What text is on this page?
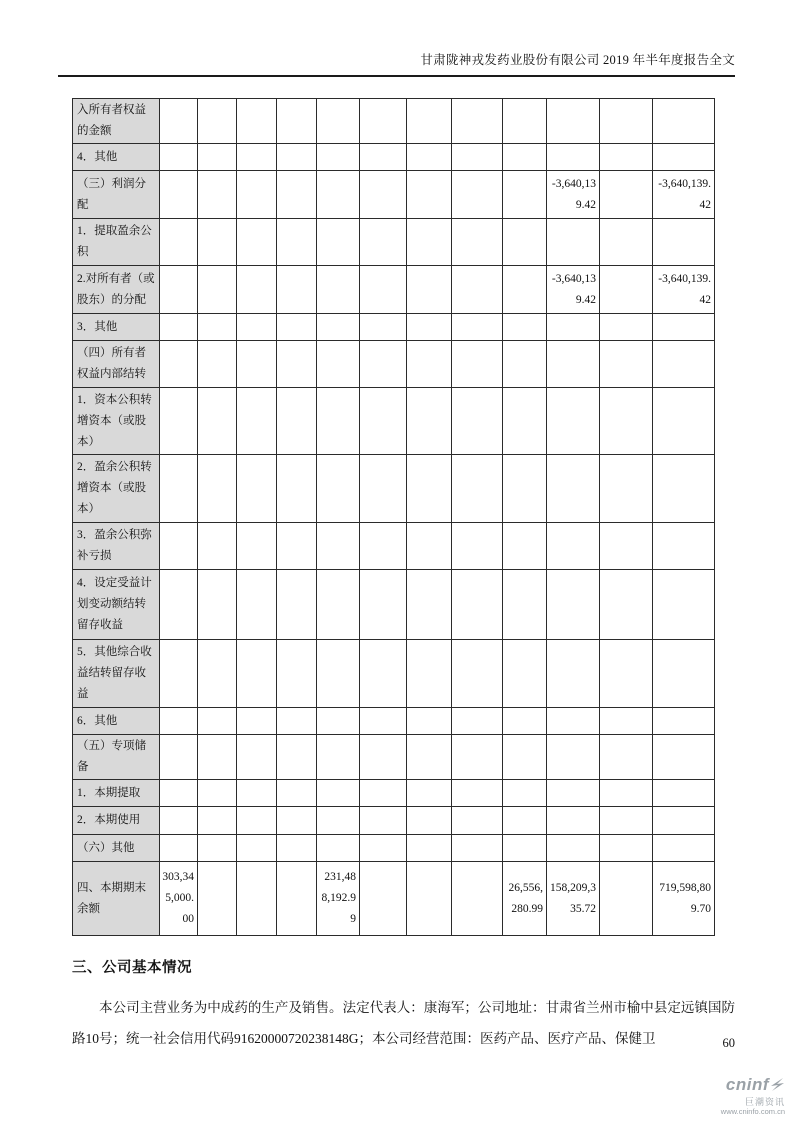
甘肃陇神戎发药业股份有限公司 2019 年半年度报告全文
入所有者权益的金额												
4．其他												
（三）利润分配										-3,640,139.42		-3,640,139.42
1．提取盈余公积												
2.对所有者（或股东）的分配										-3,640,139.42		-3,640,139.42
3．其他												
（四）所有者权益内部结转												
1．资本公积转增资本（或股本）												
2．盈余公积转增资本（或股本）												
3．盈余公积弥补亏损												
4．设定受益计划变动额结转留存收益												
5．其他综合收益结转留存收益												
6．其他												
（五）专项储备												
1．本期提取												
2．本期使用												
（六）其他												
四、本期期末余额	303,345,000.00				231,488,192.99				26,556,280.99	158,209,335.72		719,598,809.70
三、公司基本情况
本公司主营业务为中成药的生产及销售。法定代表人：康海军；公司地址：甘肃省兰州市榆中县定远镇国防路10号；统一社会信用代码91620000720238148G；本公司经营范围：医药产品、医疗产品、保健卫	60
cninf
巨潮资讯
www.cninfo.com.cn
